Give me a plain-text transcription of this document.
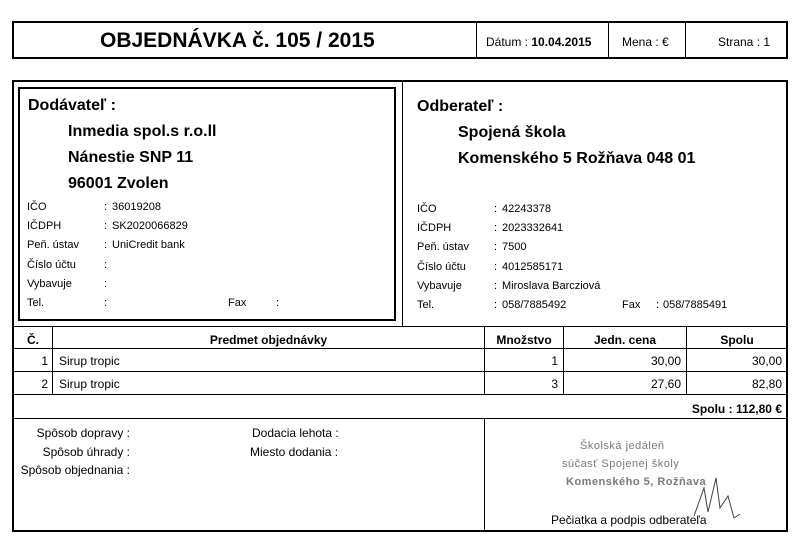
OBJEDNÁVKA č. 105 / 2015	Dátum : 10.04.2015	Mena : €	Strana : 1
Dodávateľ :
Inmedia spol.s r.o.ll
Nánestie SNP 11
96001 Zvolen
IČO	: 36019208
IČDPH	: SK2020066829
Peň. ústav : UniCredit bank
Číslo účtu	:
Vybavuje	:
Tel.	:	Fax	:
Odberateľ :
Spojená škola
Komenského 5 Rožňava 048 01
IČO	: 42243378
IČDPH	: 2023332641
Peň. ústav : 7500
Číslo účtu	: 4012585171
Vybavuje	: Miroslava Barcziová
Tel.	: 058/7885492	Fax : 058/7885491
Č.	Predmet objednávky	Množstvo	Jedn. cena	Spolu
1 Sirup tropic	1	30,00	30,00
2 Sirup tropic	3	27,60	82,80
Spolu : 112,80 €
Spôsob dopravy :
Spôsob úhrady :
Spôsob objednania :
Dodacia lehota :
Miesto dodania :	Školská jedáleň
súčasť Spojenej školy
Komenského 5, Rožňava
Pečiatka a podpis odberateľa
